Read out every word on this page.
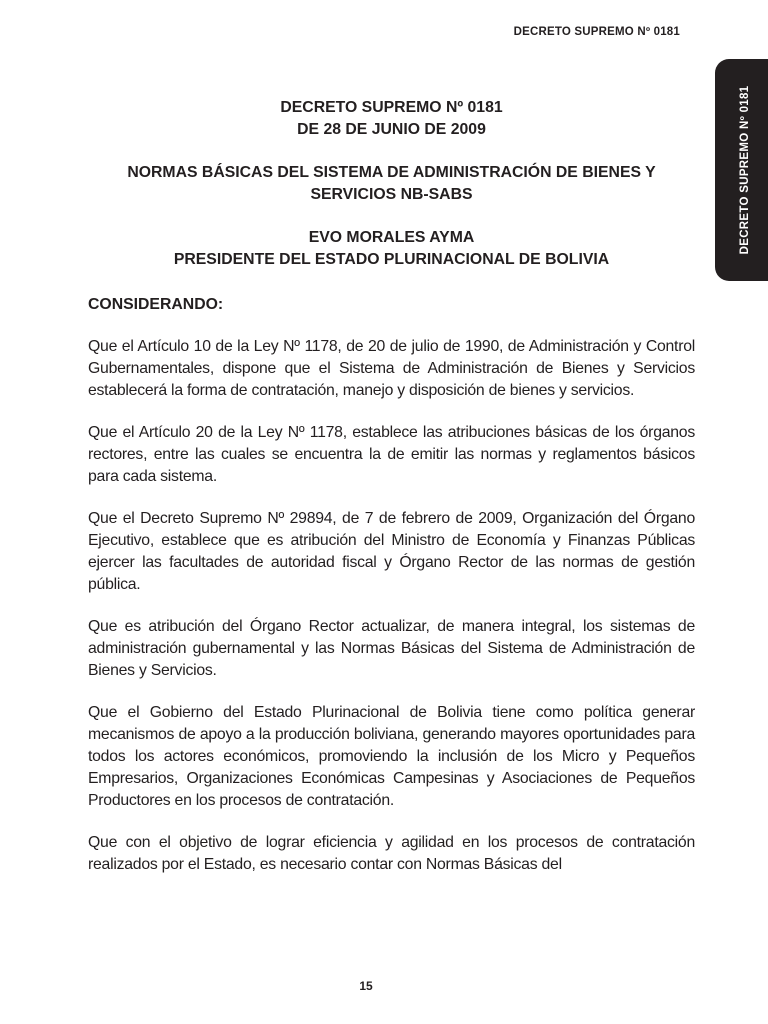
DECRETO SUPREMO Nº 0181
DECRETO SUPREMO Nº 0181
DECRETO SUPREMO Nº 0181
DE 28 DE JUNIO DE 2009
NORMAS BÁSICAS DEL SISTEMA DE ADMINISTRACIÓN DE BIENES Y
SERVICIOS NB-SABS
EVO MORALES AYMA
PRESIDENTE DEL ESTADO PLURINACIONAL DE BOLIVIA
CONSIDERANDO:

Que el Artículo 10 de la Ley Nº 1178, de 20 de julio de 1990, de Administración y Control Gubernamentales, dispone que el Sistema de Administración de Bienes y Servicios establecerá la forma de contratación, manejo y disposición de bienes y servicios.

Que el Artículo 20 de la Ley Nº 1178, establece las atribuciones básicas de los órganos rectores, entre las cuales se encuentra la de emitir las normas y reglamentos básicos para cada sistema.

Que el Decreto Supremo Nº 29894, de 7 de febrero de 2009, Organización del Órgano Ejecutivo, establece que es atribución del Ministro de Economía y Finanzas Públicas ejercer las facultades de autoridad fiscal y Órgano Rector de las normas de gestión pública.

Que es atribución del Órgano Rector actualizar, de manera integral, los sistemas de administración gubernamental y las Normas Básicas del Sistema de Administración de Bienes y Servicios.

Que el Gobierno del Estado Plurinacional de Bolivia tiene como política generar mecanismos de apoyo a la producción boliviana, generando mayores oportunidades para todos los actores económicos, promoviendo la inclusión de los Micro y Pequeños Empresarios, Organizaciones Económicas Campesinas y Asociaciones de Pequeños Productores en los procesos de contratación.

Que con el objetivo de lograr eficiencia y agilidad en los procesos de contratación realizados por el Estado, es necesario contar con Normas Básicas del

15
